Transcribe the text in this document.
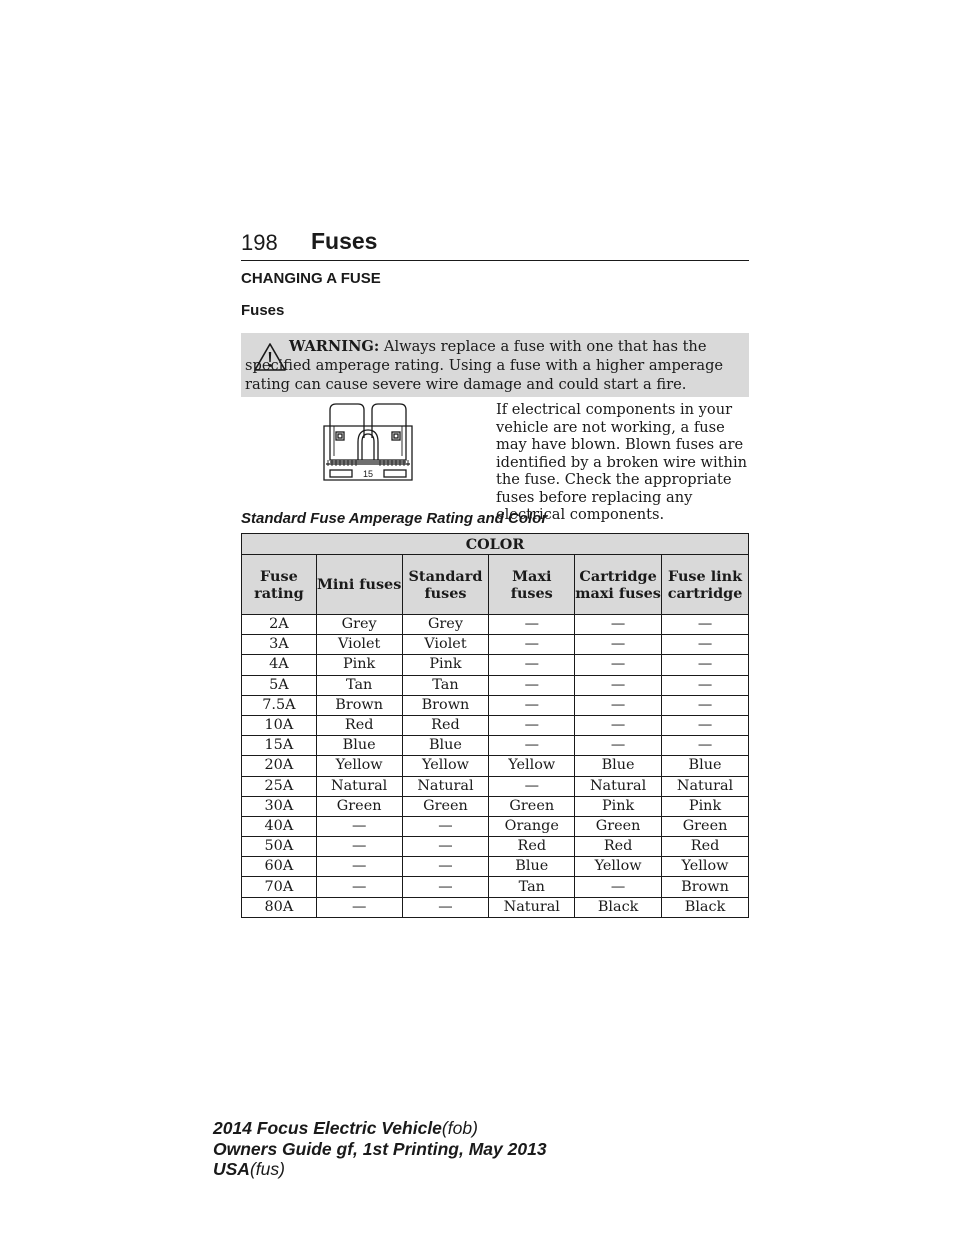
198 Fuses
CHANGING A FUSE
Fuses
WARNING: Always replace a fuse with one that has the specified amperage rating. Using a fuse with a higher amperage rating can cause severe wire damage and could start a fire.
15
If electrical components in your vehicle are not working, a fuse may have blown. Blown fuses are identified by a broken wire within the fuse. Check the appropriate fuses before replacing any electrical components.
Standard Fuse Amperage Rating and Color
COLOR					
Fuse rating	Mini fuses	Standard fuses	Maxi fuses	Cartridge maxi fuses	Fuse link cartridge
2A	Grey	Grey	—	—	—
3A	Violet	Violet	—	—	—
4A	Pink	Pink	—	—	—
5A	Tan	Tan	—	—	—
7.5A	Brown	Brown	—	—	—
10A	Red	Red	—	—	—
15A	Blue	Blue	—	—	—
20A	Yellow	Yellow	Yellow	Blue	Blue
25A	Natural	Natural	—	Natural	Natural
30A	Green	Green	Green	Pink	Pink
40A	—	—	Orange	Green	Green
50A	—	—	Red	Red	Red
60A	—	—	Blue	Yellow	Yellow
70A	—	—	Tan	—	Brown
80A	—	—	Natural	Black	Black
2014 Focus Electric Vehicle(fob)
Owners Guide gf, 1st Printing, May 2013
USA(fus)
